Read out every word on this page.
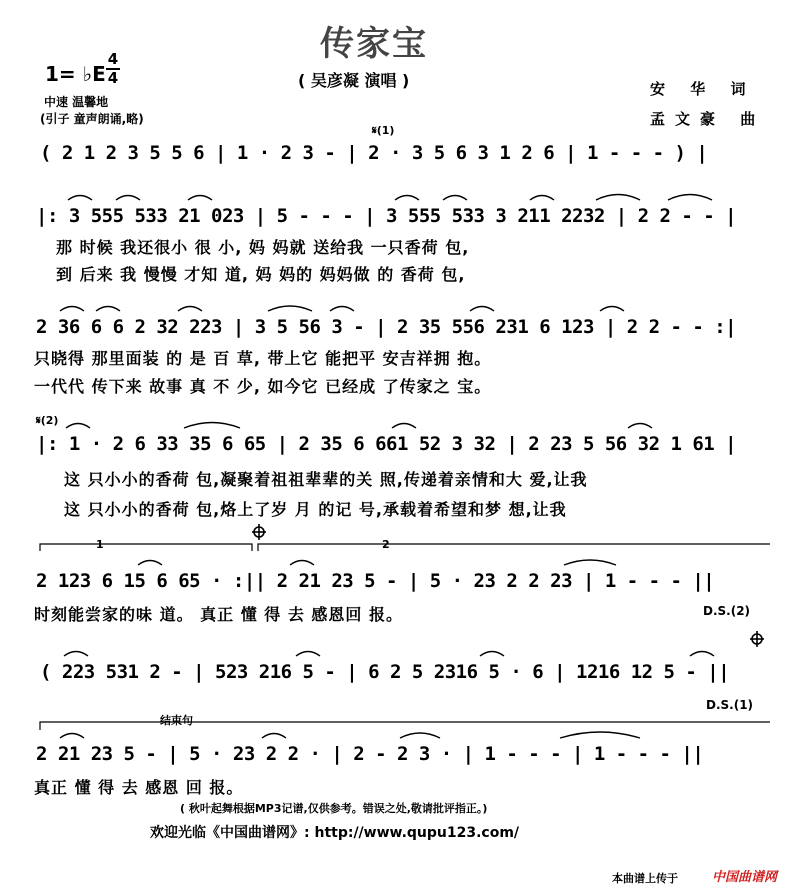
传家宝
( 吴彦凝 演唱 )
1= ♭E
4
4
中速 温馨地
(引子 童声朗诵,略)
安 华 词
孟文豪 曲
𝄋(1)
( 2 1 2 3 5 5 6 | 1 · 2 3 - | 2 · 3 5 6 3 1 2 6 | 1 - - - ) |
|: 3 555 533 21 023 | 5 - - - | 3 555 533 3 211 2232 | 2 2 - - |
那 时候 我还很小 很 小, 妈 妈就 送给我 一只香荷 包,
到 后来 我 慢慢 才知 道, 妈 妈的 妈妈做 的 香荷 包,
2 36 6 6 2 32 223 | 3 5 56 3 - | 2 35 556 231 6 123 | 2 2 - - :|
只晓得 那里面装 的 是 百 草, 带上它 能把平 安吉祥拥 抱。
一代代 传下来 故事 真 不 少, 如今它 已经成 了传家之 宝。
𝄋(2)
|: 1 · 2 6 33 35 6 65 | 2 35 6 661 52 3 32 | 2 23 5 56 32 1 61 |
这 只小小的香荷 包,凝聚着祖祖辈辈的关 照,传递着亲情和大 爱,让我
这 只小小的香荷 包,烙上了岁 月 的记 号,承载着希望和梦 想,让我
1	2
2 123 6 15 6 65 · :|| 2 21 23 5 - | 5 · 23 2 2 23 | 1 - - - ||
时刻能尝家的味 道。 真正 懂 得 去 感恩回 报。	D.S.(2)
( 223 531 2 - | 523 216 5 - | 6 2 5 2316 5 · 6 | 1216 12 5 - ||
D.S.(1)
结束句
2 21 23 5 - | 5 · 23 2 2 · | 2 - 2 3 · | 1 - - - | 1 - - - ||
真正 懂 得 去 感恩 回 报。
( 秋叶起舞根据MP3记谱,仅供参考。错误之处,敬请批评指正。)
欢迎光临《中国曲谱网》: http://www.qupu123.com/
本曲谱上传于	中国曲谱网
